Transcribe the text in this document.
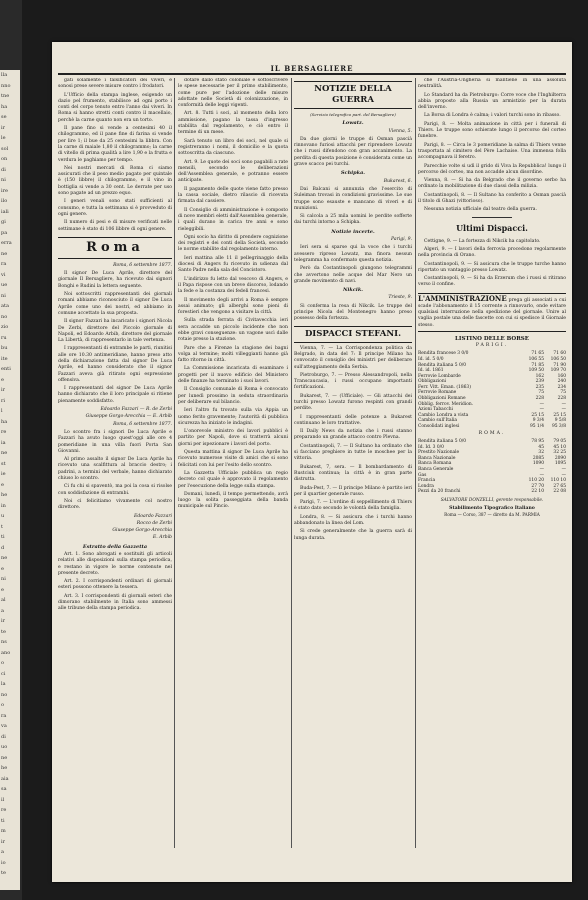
lla
nno
tne
ha
se
ir
le
sol
on
di
ni
ire
ilo
iali
gi
pa
erra
ne
ra
vi
ue
ni
ata
no
zio
ru
bu
ite
enti
e
ir
ri
l
ha
re
ia
ne
st
ie
e
he
in
u
t
ti
d
ne
e
ni
e
al
a
ir
te
ns
ano
o
ci
la
no
o
ra
va
di
uo
ne
he
aia
sa
il
re
ti
m
ir
a
io
te
IL BERSAGLIERE

gati solamente i falsificatori dei viveri, e sonosi prese severe misure contro i frodatori.

L'Ufficio della stampa inglese, esigendo un dazio pel frumento, stabilisce ad ogni porto i conti del corpo tenuto entro l'anno dai viveri. In Roma si hanno stretti conti contro il macellaio, perchè la carne quanto non era un torto.

Il pane fino si vende a centesimi 40 il chilogrammo, ed il pane fine di farina si vende per lire 1; il bue da 25 centesimi la libbra. Con la carne di maiale 1,80 il chilogrammo; la carne di vitello di prima qualità a lire 1,90 e la frutta e verdura le paghiamo per tempo.

Nei nostri mercati di Roma ci siamo assicurati che il peso medio pagato per quintale è (150 libbre) il chilogrammo, e il vino in bottiglia si vende a 30 cent. Le derrate per uso sono pagate ad un prezzo equo.

I generi venali sono stati sufficienti al consumo, e tutta la settimana si è provveduto di ogni genere.

Il numero di pesi e di misure verificati nelle settimane è stato di 106 libbre di ogni genere.

Roma

Roma, 6 settembre 1877.

Il signor De Luca Aprile, direttore del giornale Il Bersagliere, ha ricevuto dai signori Bonghi e Rudinì la lettera seguente.

Noi sottoscritti rappresentanti dei giornali romani abbiamo riconosciuto il signor De Luca Aprile come uno dei nostri, ed abbiamo in comune accettato la sua proposta.

Il signor Fazzari ha incaricato i signori Nicola De Zerbi, direttore del Piccolo giornale di Napoli, ed Edoardo Arbib, direttore del giornale La Libertà, di rappresentarlo in tale vertenza.

I rappresentanti di entrambe le parti, riunitisi alle ore 10.30 antimeridiane, hanno preso atto della dichiarazione fatta dal signor De Luca Aprile, ed hanno considerato che il signor Fazzari aveva già ritirato ogni espressione offensiva.

I rappresentanti del signor De Luca Aprile hanno dichiarato che il loro principale si ritiene pienamente soddisfatto.

Edoardo Fazzari — R. de Zerbi

Giuseppe Gorgo-Arecchia — E. Arbib

Roma, 6 settembre 1877.

Lo scontro fra i signori De Luca Aprile e Fazzari ha avuto luogo quest'oggi alle ore 4 pomeridiane in una villa fuori Porta San Giovanni.

Al primo assalto il signor De Luca Aprile ha ricevuto una scalfittura al braccio destro; i padrini, a termini del verbale, hanno dichiarato chiuso lo scontro.

Ci fu chi si spaventò, ma poi la cosa si risolse con soddisfazione di entrambi.

Noi ci felicitiamo vivamente col nostro direttore.

Edoardo Fazzari

Rocco de Zerbi

Giuseppe Gorgo-Arecchia

E. Arbib

Estratto della Gazzetta

Art. 1. Sono abrogati e sostituiti gli articoli relativi alle disposizioni sulla stampa periodica, e restano in vigore le norme contenute nel presente decreto.

Art. 2. I corrispondenti ordinari di giornali esteri possono ottenere la tessera.

Art. 3. I corrispondenti di giornali esteri che dimorano stabilmente in Italia sono ammessi alle tribune della stampa periodica.

dotare dallo stato coloniale e sottoscrivere le spese necessarie per il primo stabilimento, come pure per l'adozione delle misure adottate nelle Società di colonizzazione, in conformità delle leggi vigenti.

Art. 8. Tutti i soci, al momento della loro ammissione, pagano la tassa d'ingresso stabilita dal regolamento, e ciò entro il termine di un mese.

Sarà tenuto un libro dei soci, nel quale si registreranno i nomi, il domicilio e la quota sottoscritta da ciascuno.

Art. 9. Le quote dei soci sono pagabili a rate mensili, secondo le deliberazioni dell'Assemblea generale, e potranno essere anticipate.

Il pagamento delle quote viene fatto presso la cassa sociale, dietro rilascio di ricevuta firmata dal cassiere.

Il Consiglio di amministrazione è composto di nove membri eletti dall'Assemblea generale, i quali durano in carica tre anni e sono rieleggibili.

Ogni socio ha diritto di prendere cognizione dei registri e dei conti della Società, secondo le norme stabilite dal regolamento interno.

Ieri mattina alle 11 il pellegrinaggio della diocesi di Angers fu ricevuto in udienza dal Santo Padre nella sala del Concistoro.

L'indirizzo fu letto dal vescovo di Angers, e il Papa rispose con un breve discorso, lodando la fede e la costanza dei fedeli francesi.

Il movimento degli arrivi a Roma è sempre assai animato; gli alberghi sono pieni di forestieri che vengono a visitare la città.

Sulla strada ferrata di Civitavecchia ieri sera accadde un piccolo incidente che non ebbe gravi conseguenze: un vagone uscì dalle rotaie presso la stazione.

Pare che a Firenze la stagione dei bagni volga al termine; molti villeggianti hanno già fatto ritorno in città.

La Commissione incaricata di esaminare i progetti per il nuovo edificio del Ministero delle finanze ha terminato i suoi lavori.

Il Consiglio comunale di Roma è convocato per lunedì prossimo in seduta straordinaria per deliberare sul bilancio.

Ieri l'altro fu trovato sulla via Appia un uomo ferito gravemente; l'autorità di pubblica sicurezza ha iniziato le indagini.

L'onorevole ministro dei lavori pubblici è partito per Napoli, dove si tratterrà alcuni giorni per ispezionare i lavori del porto.

Questa mattina il signor De Luca Aprile ha ricevuto numerose visite di amici che si sono felicitati con lui per l'esito dello scontro.

La Gazzetta Ufficiale pubblica un regio decreto col quale è approvato il regolamento per l'esecuzione della legge sulla stampa.

Domani, lunedì, il tempo permettendo, avrà luogo la solita passeggiata della banda municipale sul Pincio.

NOTIZIE DELLA GUERRA
(Servizio telegrafico part. del Bersagliere)
Lowatz.

Vienna, 5.

Da due giorni le truppe di Osman pascià rinnovano furiosi attacchi per riprendere Lowatz che i russi difendono con gran accanimento. La perdita di questa posizione è considerata come un grave scacco pei turchi.

Schipka.

Bukarest, 6.

Dai Balcani si annunzia che l'esercito di Suleiman trovasi in condizioni gravissime. Le sue truppe sono esauste e mancano di viveri e di munizioni.

Si calcola a 25 mila uomini le perdite sofferte dai turchi intorno a Schipka.

Notizie incerte.

Parigi, 9.

Ieri sera si sparse qui la voce che i turchi avessero ripreso Lowatz, ma finora nessun telegramma ha confermato questa notizia.

Però da Costantinopoli giungono telegrammi che avvertono nelle acque del Mar Nero un grande movimento di navi.

Nikcik.

Trieste, 9.

Si conferma la resa di Nikcik. Le truppe del principe Nicola del Montenegro hanno preso possesso della fortezza.

DISPACCI STEFANI.

Vienna, 7. — La Corrispondenza politica da Belgrado, in data del 7: Il principe Milano ha convocato il consiglio dei ministri per deliberare sull'atteggiamento della Serbia.

Pietroburgo, 7. — Presso Alessandropoli, nella Transcaucasia, i russi occupano importanti fortificazioni.

Bukarest, 7. — (Ufficiale). — Gli attacchi dei turchi presso Lowatz furono respinti con grandi perdite.

I rappresentanti delle potenze a Bukarest continuano le loro trattative.

Il Daily News da notizia che i russi stanno preparando un grande attacco contro Plevna.

Costantinopoli, 7. — Il Sultano ha ordinato che si facciano preghiere in tutte le moschee per la vittoria.

Bukarest, 7, sera. — Il bombardamento di Rustciuk continua; la città è in gran parte distrutta.

Buda-Pest, 7. — Il principe Milano è partito ieri per il quartier generale russo.

Parigi, 7. — L'ordine di seppellimento di Thiers è stato dato secondo le volontà della famiglia.

Londra, 8. — Si assicura che i turchi hanno abbandonato la linea del Lom.

Si crede generalmente che la guerra sarà di lunga durata.

che l'Austria-Ungheria si mantiene in una assoluta neutralità.

Lo Standard ha da Pietroburgo: Corre voce che l'Inghilterra abbia proposto alla Russia un armistizio per la durata dell'inverno.

La Borsa di Londra è calma; i valori turchi sono in ribasso.

Parigi, 8. — Molta animazione in città per i funerali di Thiers. Le truppe sono schierate lungo il percorso del corteo funebre.

Parigi, 8. — Circa le 3 pomeridiane la salma di Thiers venne trasportata al cimitero del Père Lachaise. Una immensa folla accompagnava il feretro.

Parecchie volte si udì il grido di Viva la Repubblica! lungo il percorso del corteo, ma non accadde alcun disordine.

Vienna, 8. — Si ha da Belgrado che il governo serbo ha ordinato la mobilitazione di due classi della milizia.

Costantinopoli, 8. — Il Sultano ha conferito a Osman pascià il titolo di Ghazi (vittorioso).

Nessuna notizia ufficiale dal teatro della guerra.

Ultimi Dispacci.

Cettigne, 9. — La fortezza di Nikcik ha capitolato.

Algeri, 9. — I lavori della ferrovia procedono regolarmente nella provincia di Orano.

Costantinopoli, 9. — Si assicura che le truppe turche hanno riportato un vantaggio presso Lowatz.

Costantinopoli, 9. — Si ha da Erzerum che i russi si ritirano verso il confine.

L'AMMINISTRAZIONE prega gli associati a cui scade l'abbonamento il 15 corrente a rinnovarlo, onde evitare qualsiasi interruzione nella spedizione del giornale. Unire al vaglia postale una delle fascette con cui si spedisce il Giornale stesso.
LISTINO DELLE BORSE
PARIGI.
Rendita francese 3 0/0	71 65	71 60
Id. id. 5 0/0	106 55	106 50
Rendita italiana 5 0/0	71 85	71 90
Id. id. 1861	109 50	109 70
Ferrovie Lombarde	162	160
Obbligazioni	239	240
Ferr. Vitt. Eman. (1863)	235	234
Ferrovie Romane	75	75
Obbligazioni Romane	228	228
Obblig. ferrov. Meridion.	—	—
Azioni Tabacchi	—	—
Cambio Londra a vista	25 15	25 15
Cambio sull'Italia	9 3/4	9 5/8
Consolidati inglesi	95 1/4	95 3/8
ROMA.
Rendita italiana 5 0/0	78 95	79 05
Id. Id. 3 0/0	45	45 10
Prestito Nazionale	32	32 25
Banca Nazionale	2085	2090
Banca Romana	1090	1095
Banca Generale	—	—
Gas	—	—
Francia	110 20	110 10
Londra	27 70	27 65
Pezzi da 20 franchi	22 10	22 08
SALVATORE DONZELLI, gerente responsabile.
Stabilimento Tipografico Italiano
Roma — Corso, 387 — diretto da M. PARMIA
